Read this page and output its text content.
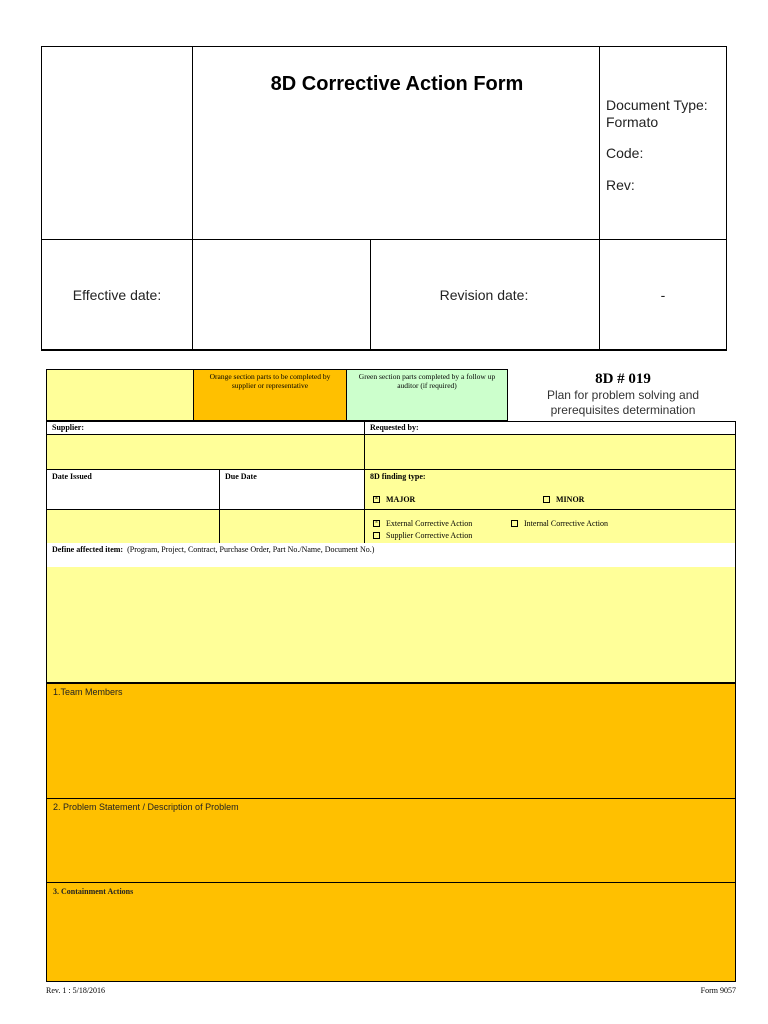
8D Corrective Action Form
Document Type:
Formato
Code:
Rev:
Effective date:	Revision date:	-
Orange section parts to be completed by supplier or representative
Green section parts completed by a follow up auditor (if required)	8D # 019
Plan for problem solving and prerequisites determination
Supplier:	Requested by:
Date Issued	Due Date	8D finding type:
× MAJOR	MINOR
× External Corrective Action	Internal Corrective Action
Supplier Corrective Action
Define affected item: (Program, Project, Contract, Purchase Order, Part No./Name, Document No.)
1.Team Members
2. Problem Statement / Description of Problem
3. Containment Actions
Rev. 1 : 5/18/2016	Form 9057
